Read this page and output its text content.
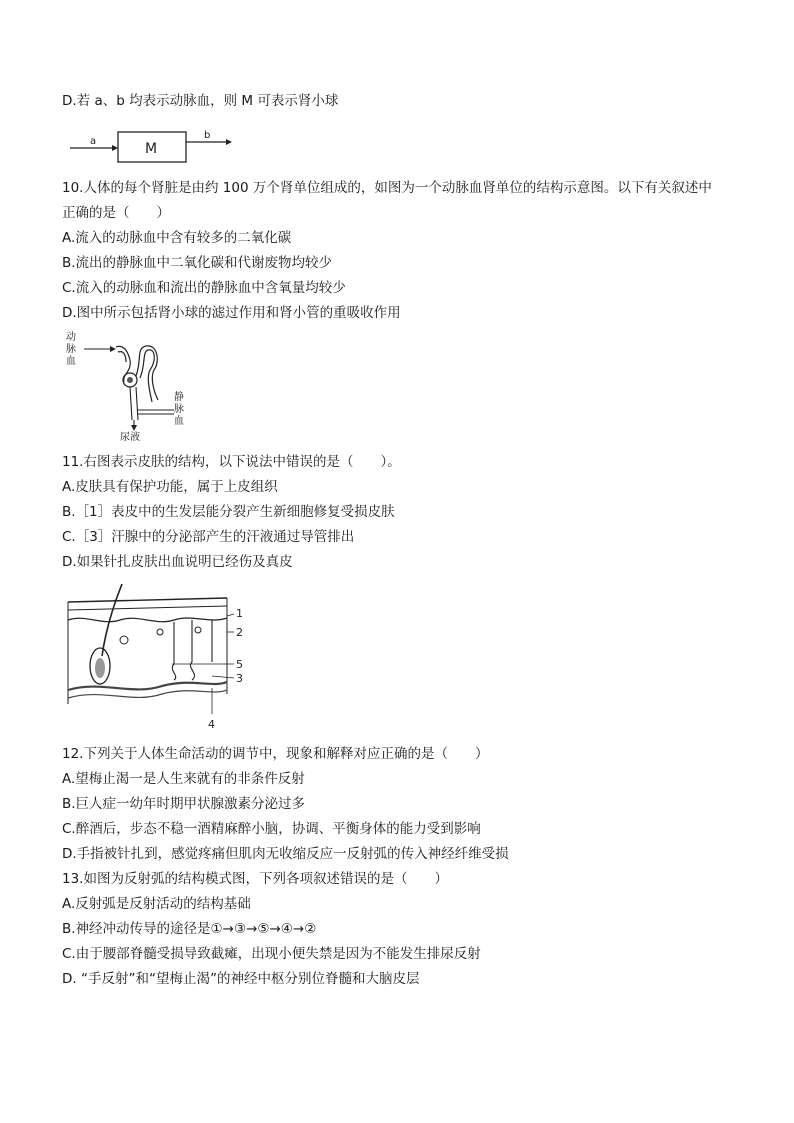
D.若 a、b 均表示动脉血，则 M 可表示肾小球
a	M
b
10.人体的每个肾脏是由约 100 万个肾单位组成的，如图为一个动脉血肾单位的结构示意图。以下有关叙述中
正确的是（　　）
A.流入的动脉血中含有较多的二氧化碳
B.流出的静脉血中二氧化碳和代谢废物均较少
C.流入的动脉血和流出的静脉血中含氧量均较少
D.图中所示包括肾小球的滤过作用和肾小管的重吸收作用
动
脉
血
静
脉
血
尿液
11.右图表示皮肤的结构，以下说法中错误的是（　　）。
A.皮肤具有保护功能，属于上皮组织
B.［1］表皮中的生发层能分裂产生新细胞修复受损皮肤
C.［3］汗腺中的分泌部产生的汗液通过导管排出
D.如果针扎皮肤出血说明已经伤及真皮
1
2
5
3
4
12.下列关于人体生命活动的调节中，现象和解释对应正确的是（　　）
A.望梅止渴一是人生来就有的非条件反射
B.巨人症一幼年时期甲状腺激素分泌过多
C.醉酒后，步态不稳一酒精麻醉小脑，协调、平衡身体的能力受到影响
D.手指被针扎到，感觉疼痛但肌肉无收缩反应一反射弧的传入神经纤维受损
13.如图为反射弧的结构模式图，下列各项叙述错误的是（　　）
A.反射弧是反射活动的结构基础
B.神经冲动传导的途径是①→③→⑤→④→②
C.由于腰部脊髓受损导致截瘫，出现小便失禁是因为不能发生排尿反射
D. “手反射”和“望梅止渴”的神经中枢分别位脊髓和大脑皮层
